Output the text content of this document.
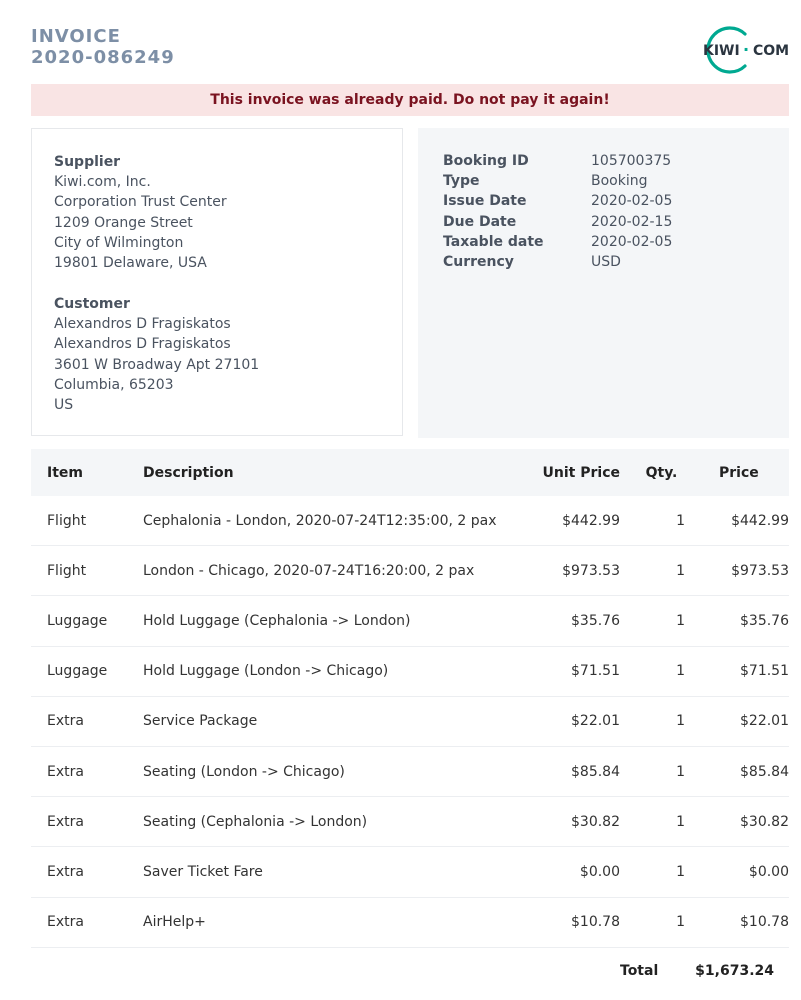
INVOICE
2020-086249	KIWI · COM
This invoice was already paid. Do not pay it again!
Supplier
Kiwi.com, Inc.
Corporation Trust Center
1209 Orange Street
City of Wilmington
19801 Delaware, USA
Customer
Alexandros D Fragiskatos
Alexandros D Fragiskatos
3601 W Broadway Apt 27101
Columbia, 65203
US
Booking ID	105700375
Type	Booking
Issue Date	2020-02-05
Due Date	2020-02-15
Taxable date	2020-02-05
Currency	USD
Item	Description	Unit Price	Qty.	Price
Flight	Cephalonia - London, 2020-07-24T12:35:00, 2 pax	$442.99	1	$442.99
Flight	London - Chicago, 2020-07-24T16:20:00, 2 pax	$973.53	1	$973.53
Luggage	Hold Luggage (Cephalonia -> London)	$35.76	1	$35.76
Luggage	Hold Luggage (London -> Chicago)	$71.51	1	$71.51
Extra	Service Package	$22.01	1	$22.01
Extra	Seating (London -> Chicago)	$85.84	1	$85.84
Extra	Seating (Cephalonia -> London)	$30.82	1	$30.82
Extra	Saver Ticket Fare	$0.00	1	$0.00
Extra	AirHelp+	$10.78	1	$10.78
Total	$1,673.24
